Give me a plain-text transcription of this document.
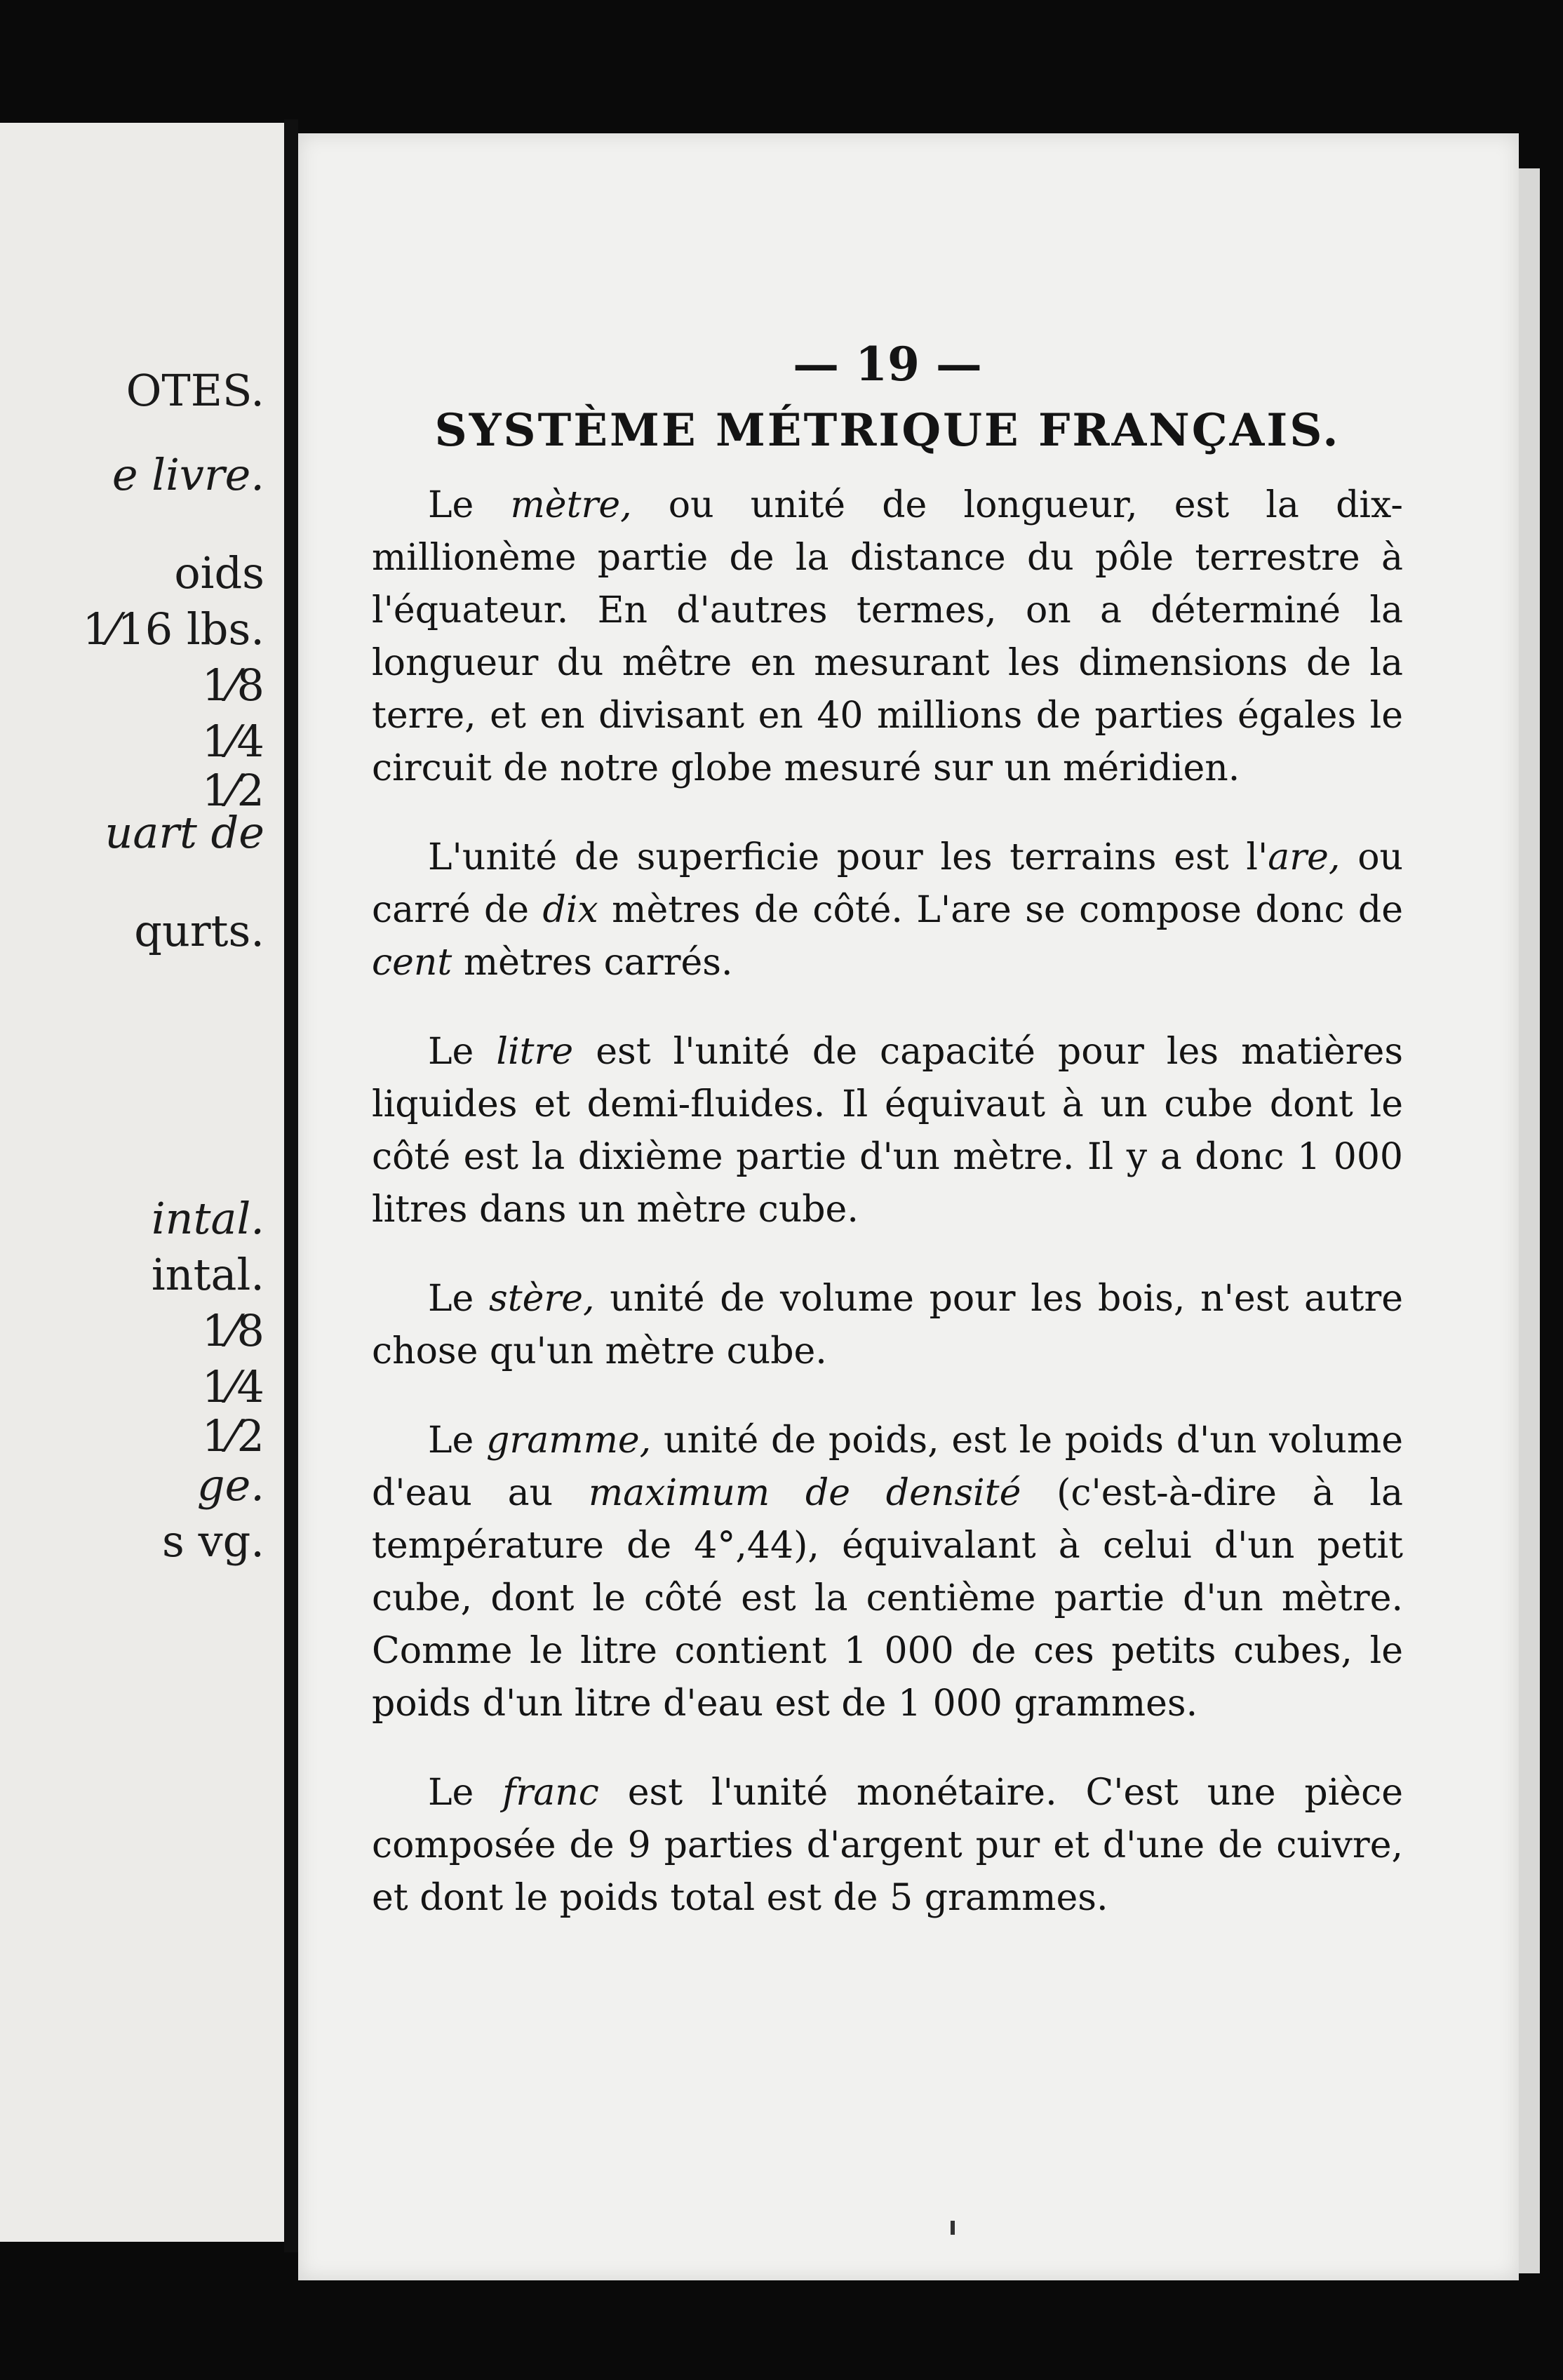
OTES.
e livre.
oids
1⁄16 lbs.
1⁄8
1⁄4
1⁄2
uart de
qurts.
intal.
intal.
1⁄8
1⁄4
1⁄2
ge.
s vg.
— 19 —
SYSTÈME MÉTRIQUE FRANÇAIS.

Le mètre, ou unité de longueur, est la dix-millionème partie de la distance du pôle terrestre à l'équateur. En d'autres termes, on a déterminé la longueur du mêtre en mesurant les dimensions de la terre, et en divisant en 40 millions de parties égales le circuit de notre globe mesuré sur un méridien.

L'unité de superficie pour les terrains est l'are, ou carré de dix mètres de côté. L'are se compose donc de cent mètres carrés.

Le litre est l'unité de capacité pour les matières liquides et demi-fluides. Il équivaut à un cube dont le côté est la dixième partie d'un mètre. Il y a donc 1 000 litres dans un mètre cube.

Le stère, unité de volume pour les bois, n'est autre chose qu'un mètre cube.

Le gramme, unité de poids, est le poids d'un volume d'eau au maximum de densité (c'est-à-dire à la température de 4°,44), équivalant à celui d'un petit cube, dont le côté est la centième partie d'un mètre. Comme le litre contient 1 000 de ces petits cubes, le poids d'un litre d'eau est de 1 000 grammes.

Le franc est l'unité monétaire. C'est une pièce composée de 9 parties d'argent pur et d'une de cuivre, et dont le poids total est de 5 grammes.
